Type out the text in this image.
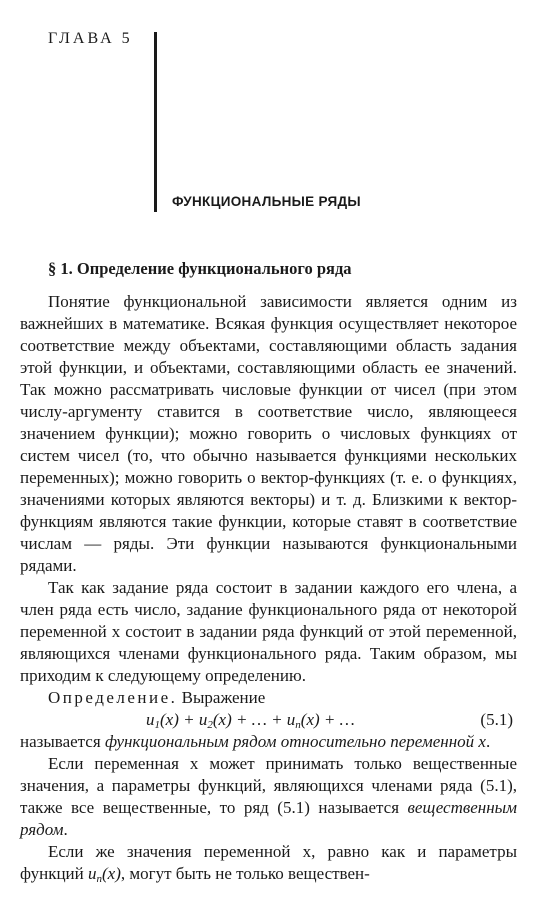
ГЛАВА 5
ФУНКЦИОНАЛЬНЫЕ РЯДЫ
§ 1. Определение функционального ряда

Понятие функциональной зависимости является одним из важнейших в математике. Всякая функция осуществляет некоторое соответствие между объектами, составляющими область задания этой функции, и объектами, составляющими область ее значений. Так можно рассматривать числовые функции от чисел (при этом числу-аргументу ставится в соответствие число, являющееся значением функции); можно говорить о числовых функциях от систем чисел (то, что обычно называется функциями нескольких переменных); можно говорить о вектор-функциях (т. е. о функциях, значениями которых являются векторы) и т. д. Близкими к вектор-функциям являются такие функции, которые ставят в соответствие числам — ряды. Эти функции называются функциональными рядами.

Так как задание ряда состоит в задании каждого его члена, а член ряда есть число, задание функционального ряда от некоторой переменной x состоит в задании ряда функций от этой переменной, являющихся членами функционального ряда. Таким образом, мы приходим к следующему определению.

Определение. Выражение

$u_1(x) + u_2(x)$ + … + $u_n(x)$ + …	(5.1)

называется функциональным рядом относительно переменной x.

Если переменная x может принимать только вещественные значения, а параметры функций, являющихся членами ряда (5.1), также все вещественные, то ряд (5.1) называется вещественным рядом.

Если же значения переменной x, равно как и параметры функций $u_n(x)$, могут быть не только веществен-
